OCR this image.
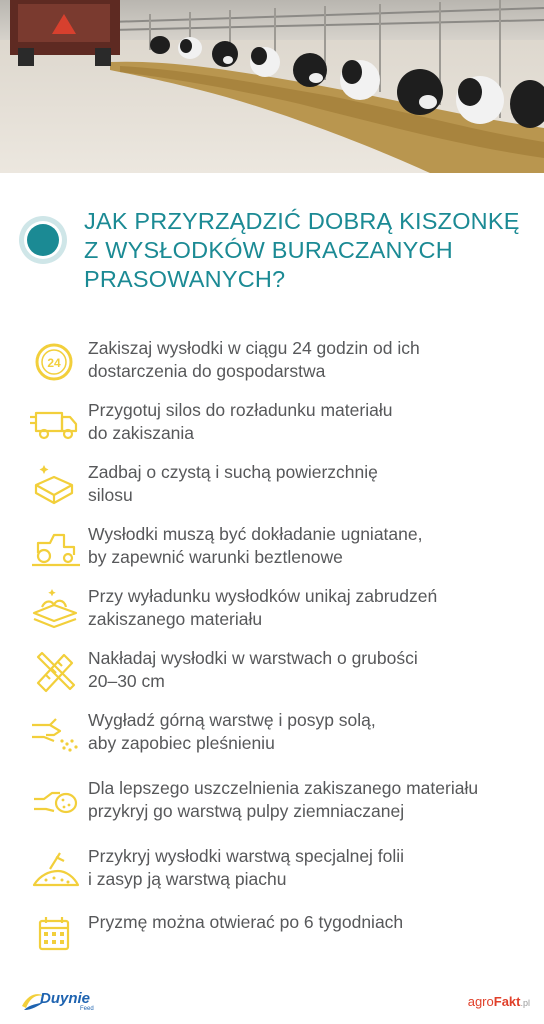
JAK PRZYRZĄDZIĆ DOBRĄ KISZONKĘ
Z WYSŁODKÓW BURACZANYCH
PRASOWANYCH?
24
Zakiszaj wysłodki w ciągu 24 godzin od ich
dostarczenia do gospodarstwa
Przygotuj silos do rozładunku materiału
do zakiszania
Zadbaj o czystą i suchą powierzchnię
silosu
Wysłodki muszą być dokładanie ugniatane,
by zapewnić warunki beztlenowe
Przy wyładunku wysłodków unikaj zabrudzeń
zakiszanego materiału
Nakładaj wysłodki w warstwach o grubości
20–30 cm
Wygładź górną warstwę i posyp solą,
aby zapobiec pleśnieniu
Dla lepszego uszczelnienia zakiszanego materiału
przykryj go warstwą pulpy ziemniaczanej
Przykryj wysłodki warstwą specjalnej folii
i zasyp ją warstwą piachu
Pryzmę można otwierać po 6 tygodniach
Duynie
Feed	agroFakt.pl
